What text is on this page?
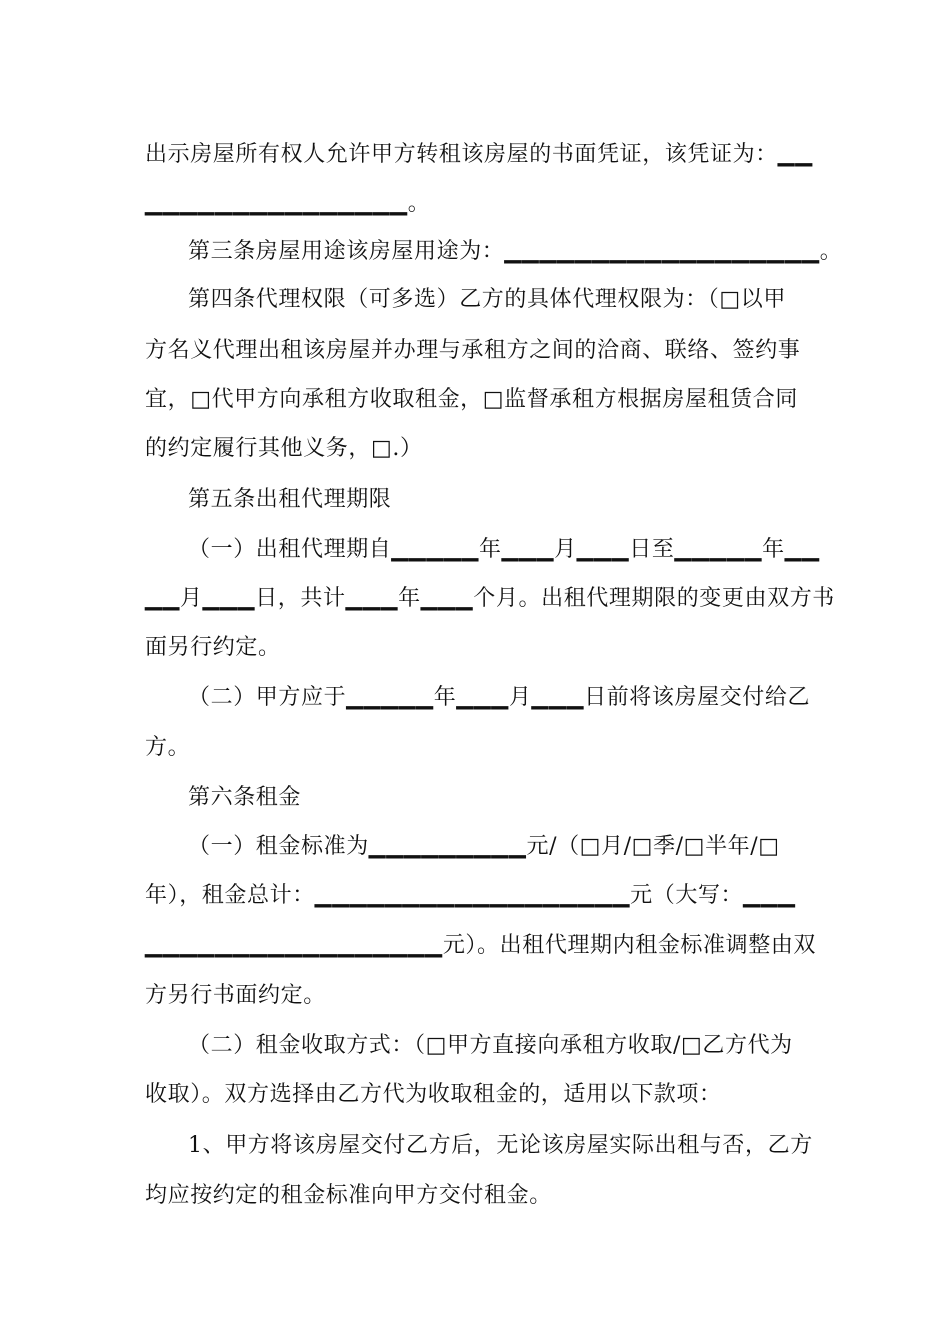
出示房屋所有权人允许甲方转租该房屋的书面凭证，该凭证为：▁▁
▁▁▁▁▁▁▁▁▁▁▁▁▁▁▁。
第三条房屋用途该房屋用途为：▁▁▁▁▁▁▁▁▁▁▁▁▁▁▁▁▁▁。
第四条代理权限（可多选）乙方的具体代理权限为：（□以甲
方名义代理出租该房屋并办理与承租方之间的洽商、联络、签约事
宜，□代甲方向承租方收取租金，□监督承租方根据房屋租赁合同
的约定履行其他义务，□.）
第五条出租代理期限
（一）出租代理期自▁▁▁▁▁年▁▁▁月▁▁▁日至▁▁▁▁▁年▁▁
▁▁月▁▁▁日，共计▁▁▁年▁▁▁个月。出租代理期限的变更由双方书
面另行约定。
（二）甲方应于▁▁▁▁▁年▁▁▁月▁▁▁日前将该房屋交付给乙
方。
第六条租金
（一）租金标准为▁▁▁▁▁▁▁▁▁元/（□月/□季/□半年/□
年），租金总计：▁▁▁▁▁▁▁▁▁▁▁▁▁▁▁▁▁▁元（大写：▁▁▁
▁▁▁▁▁▁▁▁▁▁▁▁▁▁▁▁▁元）。出租代理期内租金标准调整由双
方另行书面约定。
（二）租金收取方式：（□甲方直接向承租方收取/□乙方代为
收取）。双方选择由乙方代为收取租金的，适用以下款项：
1、甲方将该房屋交付乙方后，无论该房屋实际出租与否，乙方
均应按约定的租金标准向甲方交付租金。
